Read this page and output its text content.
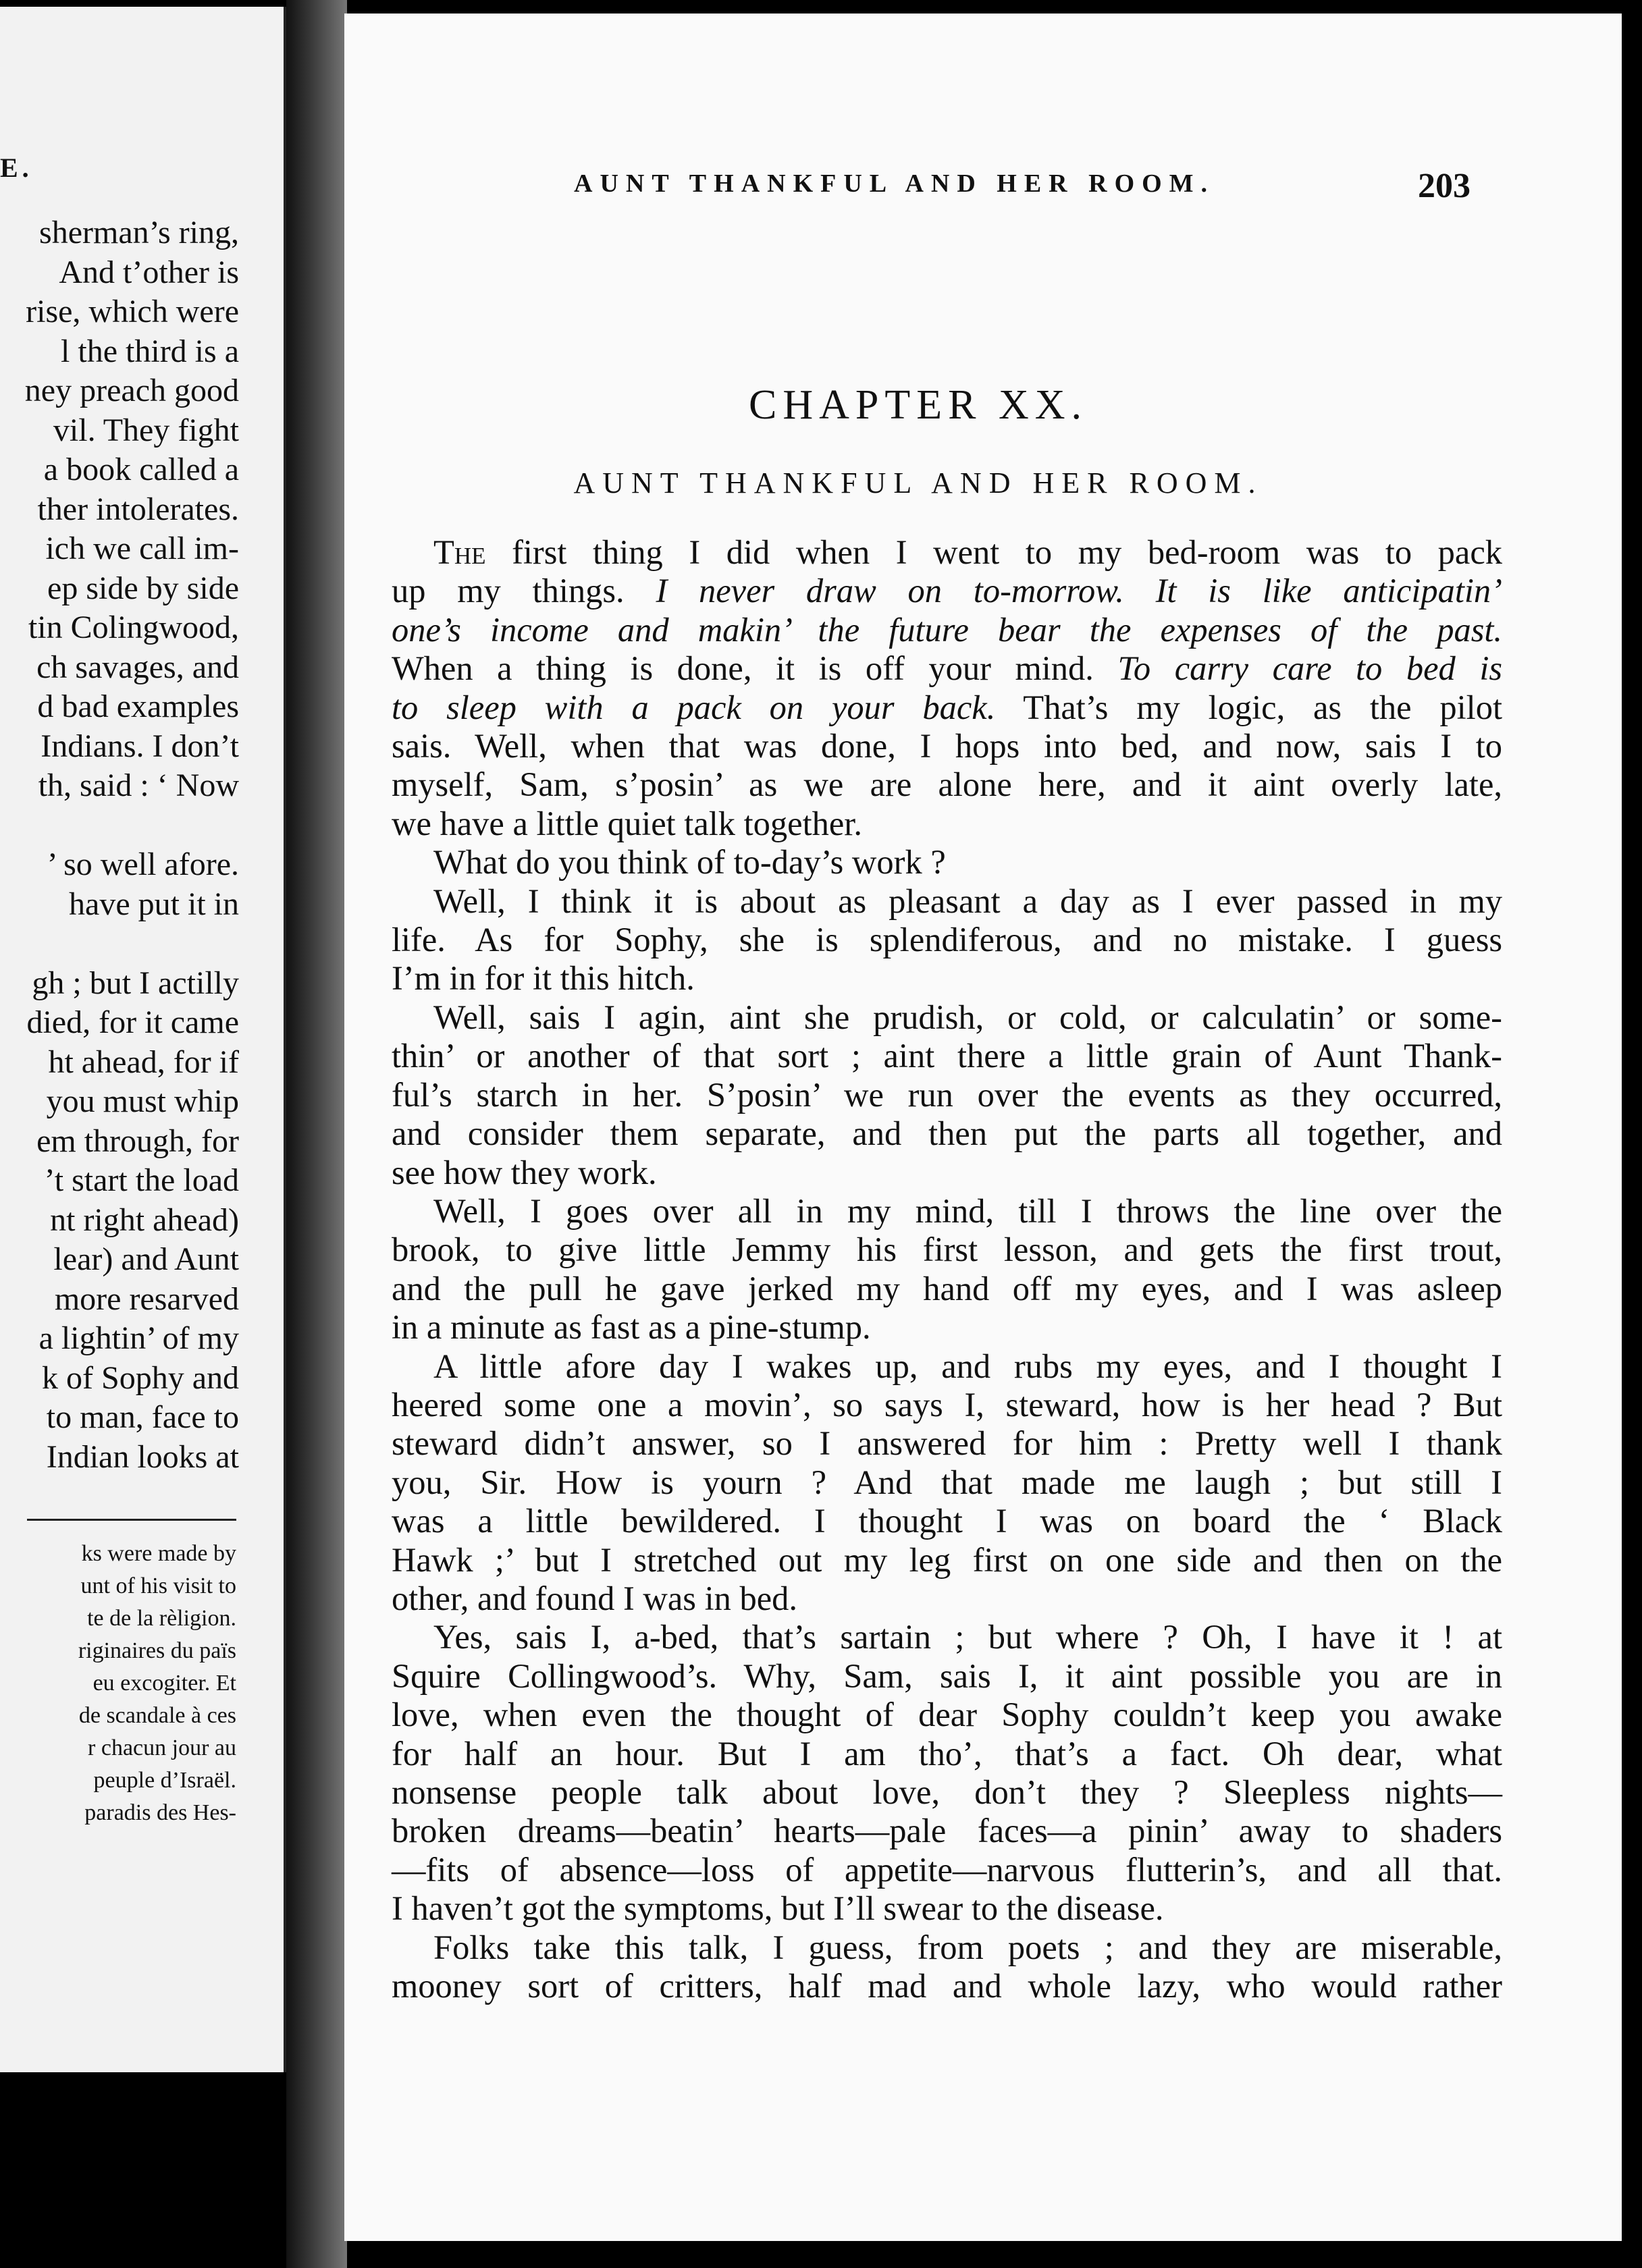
E.
sherman’s ring,
And t’other is
rise, which were
l the third is a
ney preach good
vil. They fight
a book called a
ther intolerates.
ich we call im-
ep side by side
tin Colingwood,
ch savages, and
d bad examples
Indians. I don’t
th, said : ‘ Now

’ so well afore.
have put it in

gh ; but I actilly
died, for it came
ht ahead, for if
you must whip
em through, for
’t start the load
nt right ahead)
lear) and Aunt
more resarved
a lightin’ of my
k of Sophy and
to man, face to
Indian looks at
ks were made by
unt of his visit to
te de la rèligion.
riginaires du païs
eu excogiter. Et
de scandale à ces
r chacun jour au
peuple d’Israël.
paradis des Hes-
AUNT THANKFUL AND HER ROOM.	203
CHAPTER XX.
AUNT THANKFUL AND HER ROOM.
The first thing I did when I went to my bed-room was to pack
up my things. I never draw on to-morrow. It is like anticipatin’
one’s income and makin’ the future bear the expenses of the past.
When a thing is done, it is off your mind. To carry care to bed is
to sleep with a pack on your back. That’s my logic, as the pilot
sais. Well, when that was done, I hops into bed, and now, sais I to
myself, Sam, s’posin’ as we are alone here, and it aint overly late,
we have a little quiet talk together.
What do you think of to-day’s work ?
Well, I think it is about as pleasant a day as I ever passed in my
life. As for Sophy, she is splendiferous, and no mistake. I guess
I’m in for it this hitch.
Well, sais I agin, aint she prudish, or cold, or calculatin’ or some-
thin’ or another of that sort ; aint there a little grain of Aunt Thank-
ful’s starch in her. S’posin’ we run over the events as they occurred,
and consider them separate, and then put the parts all together, and
see how they work.
Well, I goes over all in my mind, till I throws the line over the
brook, to give little Jemmy his first lesson, and gets the first trout,
and the pull he gave jerked my hand off my eyes, and I was asleep
in a minute as fast as a pine-stump.
A little afore day I wakes up, and rubs my eyes, and I thought I
heered some one a movin’, so says I, steward, how is her head ? But
steward didn’t answer, so I answered for him : Pretty well I thank
you, Sir. How is yourn ? And that made me laugh ; but still I
was a little bewildered. I thought I was on board the ‘ Black
Hawk ;’ but I stretched out my leg first on one side and then on the
other, and found I was in bed.
Yes, sais I, a-bed, that’s sartain ; but where ? Oh, I have it ! at
Squire Collingwood’s. Why, Sam, sais I, it aint possible you are in
love, when even the thought of dear Sophy couldn’t keep you awake
for half an hour. But I am tho’, that’s a fact. Oh dear, what
nonsense people talk about love, don’t they ? Sleepless nights—
broken dreams—beatin’ hearts—pale faces—a pinin’ away to shaders
—fits of absence—loss of appetite—narvous flutterin’s, and all that.
I haven’t got the symptoms, but I’ll swear to the disease.
Folks take this talk, I guess, from poets ; and they are miserable,
mooney sort of critters, half mad and whole lazy, who would rather
